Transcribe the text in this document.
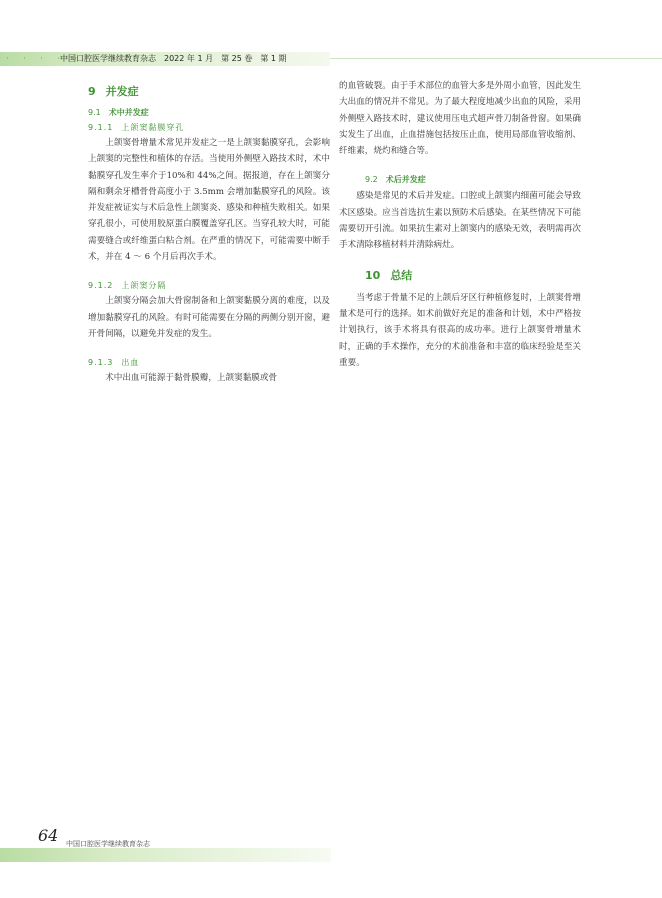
· · · · ·
中国口腔医学继续教育杂志　2022 年 1 月　第 25 卷　第 1 期
9 并发症
9.1 术中并发症
9.1.1 上颌窦黏膜穿孔

上颌窦骨增量术常见并发症之一是上颌窦黏膜穿孔，会影响上颌窦的完整性和植体的存活。当使用外侧壁入路技术时，术中黏膜穿孔发生率介于10%和 44%之间。据报道，存在上颌窦分隔和剩余牙槽骨骨高度小于 3.5mm 会增加黏膜穿孔的风险。该并发症被证实与术后急性上颌窦炎、感染和种植失败相关。如果穿孔很小，可使用胶原蛋白膜覆盖穿孔区。当穿孔较大时，可能需要缝合或纤维蛋白粘合剂。在严重的情况下，可能需要中断手术，并在 4 ～ 6 个月后再次手术。

9.1.2 上颌窦分隔

上颌窦分隔会加大骨窗制备和上颌窦黏膜分离的难度，以及增加黏膜穿孔的风险。有时可能需要在分隔的两侧分别开窗，避开骨间隔，以避免并发症的发生。

9.1.3 出血

术中出血可能源于黏骨膜瓣，上颌窦黏膜或骨

的血管破裂。由于手术部位的血管大多是外周小血管，因此发生大出血的情况并不常见。为了最大程度地减少出血的风险，采用外侧壁入路技术时，建议使用压电式超声骨刀制备骨窗。如果确实发生了出血，止血措施包括按压止血，使用局部血管收缩剂、纤维素，烧灼和缝合等。

9.2 术后并发症

感染是常见的术后并发症。口腔或上颌窦内细菌可能会导致术区感染。应当首选抗生素以预防术后感染。在某些情况下可能需要切开引流。如果抗生素对上颌窦内的感染无效，表明需再次手术清除移植材料并清除病灶。

10 总结

当考虑于骨量不足的上颌后牙区行种植修复时，上颌窦骨增量术是可行的选择。如术前做好充足的准备和计划，术中严格按计划执行，该手术将具有很高的成功率。进行上颌窦骨增量术时，正确的手术操作，充分的术前准备和丰富的临床经验是至关重要。

64 中国口腔医学继续教育杂志
